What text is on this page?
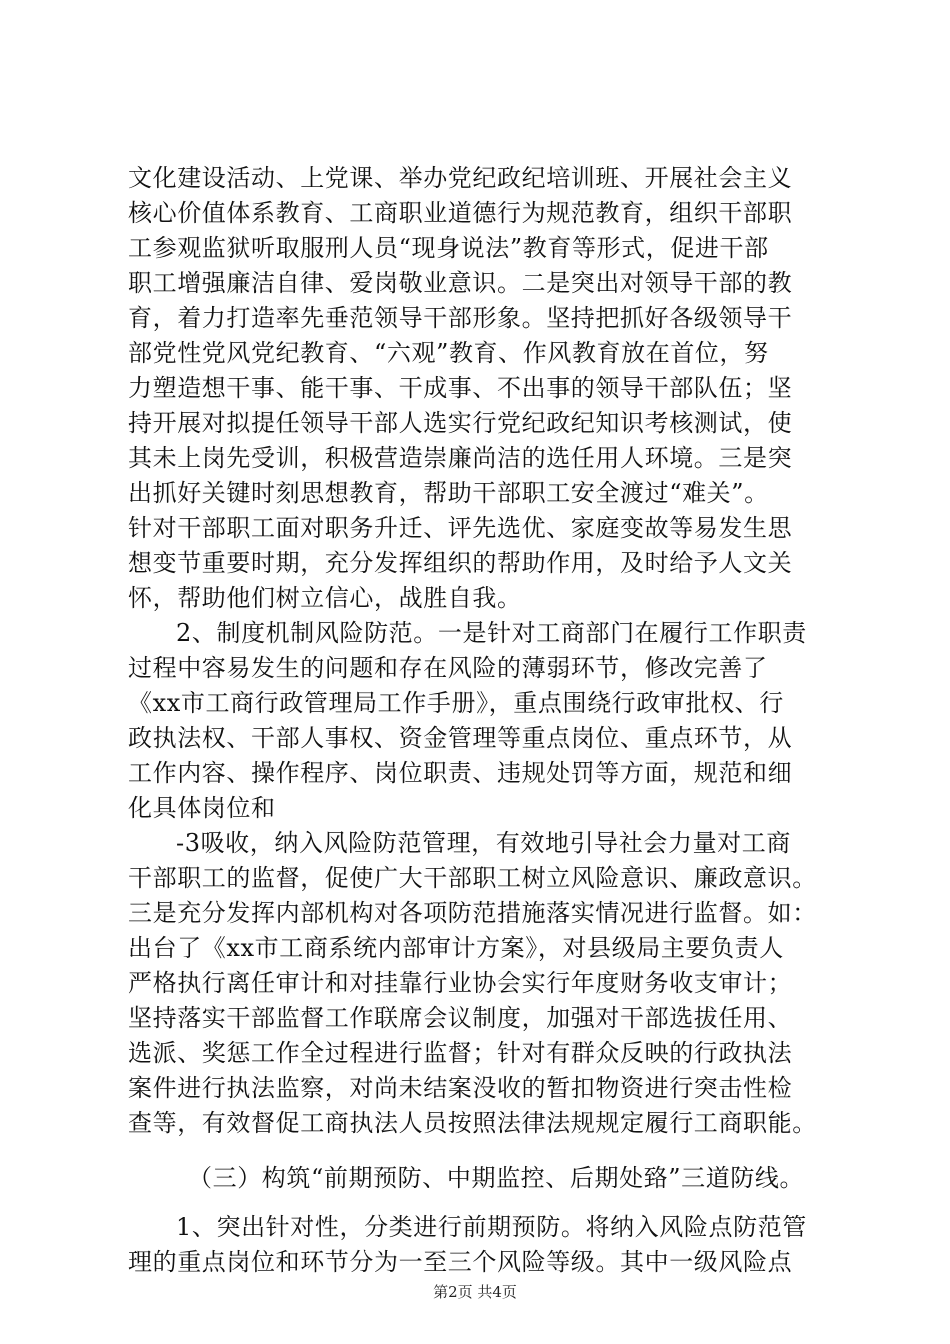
文化建设活动、上党课、举办党纪政纪培训班、开展社会主义
核心价值体系教育、工商职业道德行为规范教育，组织干部职
工参观监狱听取服刑人员“现身说法”教育等形式，促进干部
职工增强廉洁自律、爱岗敬业意识。二是突出对领导干部的教
育，着力打造率先垂范领导干部形象。坚持把抓好各级领导干
部党性党风党纪教育、“六观”教育、作风教育放在首位，努
力塑造想干事、能干事、干成事、不出事的领导干部队伍；坚
持开展对拟提任领导干部人选实行党纪政纪知识考核测试，使
其未上岗先受训，积极营造崇廉尚洁的选任用人环境。三是突
出抓好关键时刻思想教育，帮助干部职工安全渡过“难关”。
针对干部职工面对职务升迁、评先选优、家庭变故等易发生思
想变节重要时期，充分发挥组织的帮助作用，及时给予人文关
怀，帮助他们树立信心，战胜自我。
2、制度机制风险防范。一是针对工商部门在履行工作职责
过程中容易发生的问题和存在风险的薄弱环节，修改完善了
《xx市工商行政管理局工作手册》，重点围绕行政审批权、行
政执法权、干部人事权、资金管理等重点岗位、重点环节，从
工作内容、操作程序、岗位职责、违规处罚等方面，规范和细
化具体岗位和
-3吸收，纳入风险防范管理，有效地引导社会力量对工商
干部职工的监督，促使广大干部职工树立风险意识、廉政意识。
三是充分发挥内部机构对各项防范措施落实情况进行监督。如：
出台了《xx市工商系统内部审计方案》，对县级局主要负责人
严格执行离任审计和对挂靠行业协会实行年度财务收支审计；
坚持落实干部监督工作联席会议制度，加强对干部选拔任用、
选派、奖惩工作全过程进行监督；针对有群众反映的行政执法
案件进行执法监察，对尚未结案没收的暂扣物资进行突击性检
查等，有效督促工商执法人员按照法律法规规定履行工商职能。
（三）构筑“前期预防、中期监控、后期处臵”三道防线。
1、突出针对性，分类进行前期预防。将纳入风险点防范管
理的重点岗位和环节分为一至三个风险等级。其中一级风险点
第2页 共4页
